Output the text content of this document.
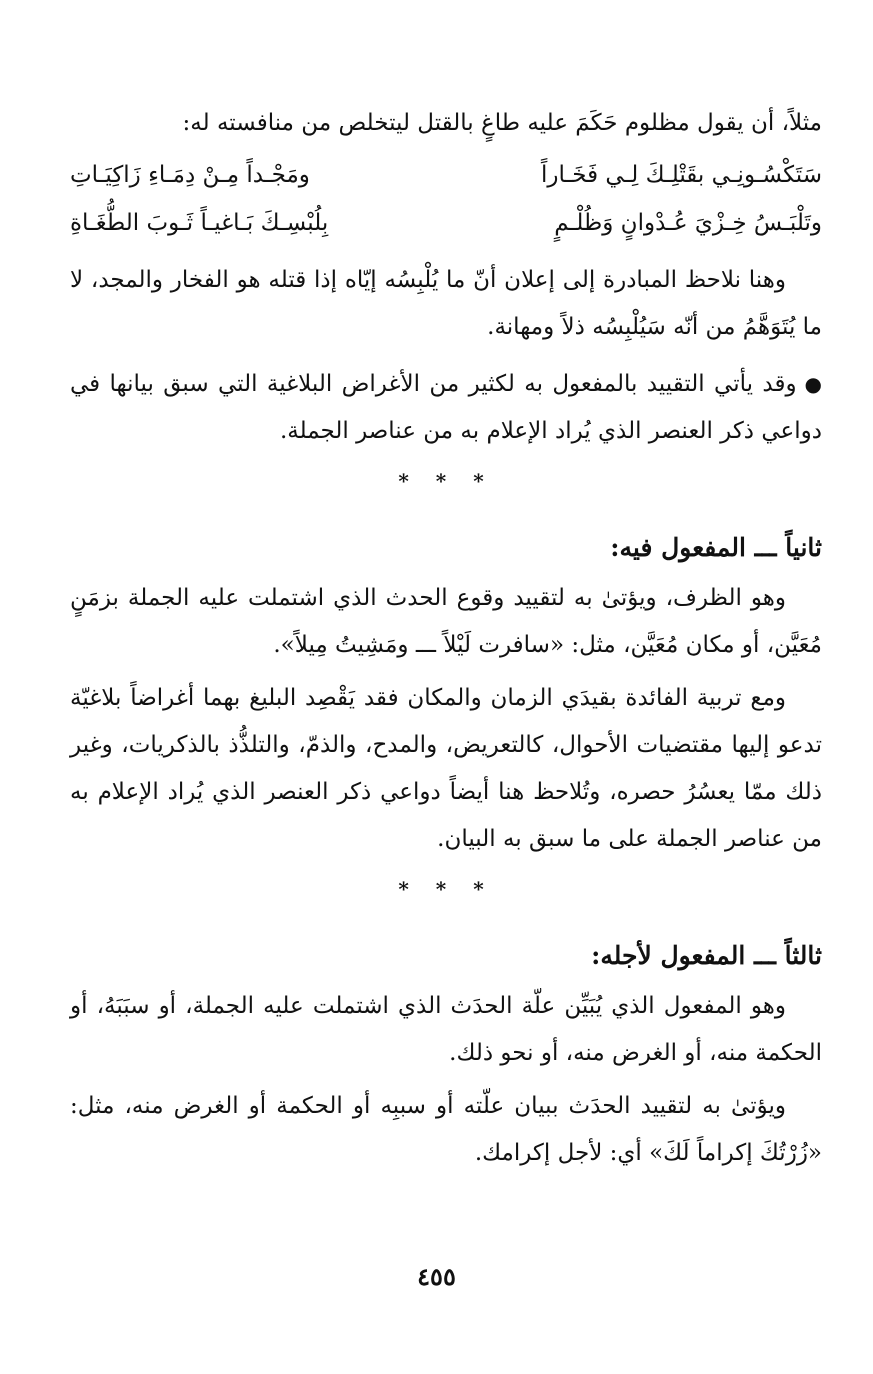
مثلاً، أن يقول مظلوم حَكَمَ عليه طاغٍ بالقتل ليتخلص من منافسته له:

سَتَكْسُـونِـي بقَتْلِـكَ لِـي فَخَـاراً
ومَجْـداً مِـنْ دِمَـاءِ زَاكِيَـاتِ
وتَلْبَـسُ خِـزْيَ عُـدْوانٍ وَظُلْـمٍ
بِلُبْسِـكَ بَـاغيـاً ثَـوبَ الطُّغَـاةِ

وهنا نلاحظ المبادرة إلى إعلان أنّ ما يُلْبِسُه إيّاه إذا قتله هو الفخار والمجد، لا ما يُتَوَهَّمُ من أنّه سَيُلْبِسُه ذلاً ومهانة.

●وقد يأتي التقييد بالمفعول به لكثير من الأغراض البلاغية التي سبق بيانها في دواعي ذكر العنصر الذي يُراد الإعلام به من عناصر الجملة.

* * *
ثانياً ـــ المفعول فيه:

وهو الظرف، ويؤتىٰ به لتقييد وقوع الحدث الذي اشتملت عليه الجملة بزمَنٍ مُعَيَّن، أو مكان مُعَيَّن، مثل: «سافرت لَيْلاً ـــ ومَشِيتُ مِيلاً».

ومع تربية الفائدة بقيدَي الزمان والمكان فقد يَقْصِد البليغ بهما أغراضاً بلاغيّة تدعو إليها مقتضيات الأحوال، كالتعريض، والمدح، والذمّ، والتلذُّذ بالذكريات، وغير ذلك ممّا يعسُرُ حصره، وتُلاحظ هنا أيضاً دواعي ذكر العنصر الذي يُراد الإعلام به من عناصر الجملة على ما سبق به البيان.

* * *
ثالثاً ـــ المفعول لأجله:

وهو المفعول الذي يُبَيِّن علّة الحدَث الذي اشتملت عليه الجملة، أو سبَبَهُ، أو الحكمة منه، أو الغرض منه، أو نحو ذلك.

ويؤتىٰ به لتقييد الحدَث ببيان علّته أو سببِه أو الحكمة أو الغرض منه، مثل: «زُرْتُكَ إكراماً لَكَ» أي: لأجل إكرامك.

٤٥٥
